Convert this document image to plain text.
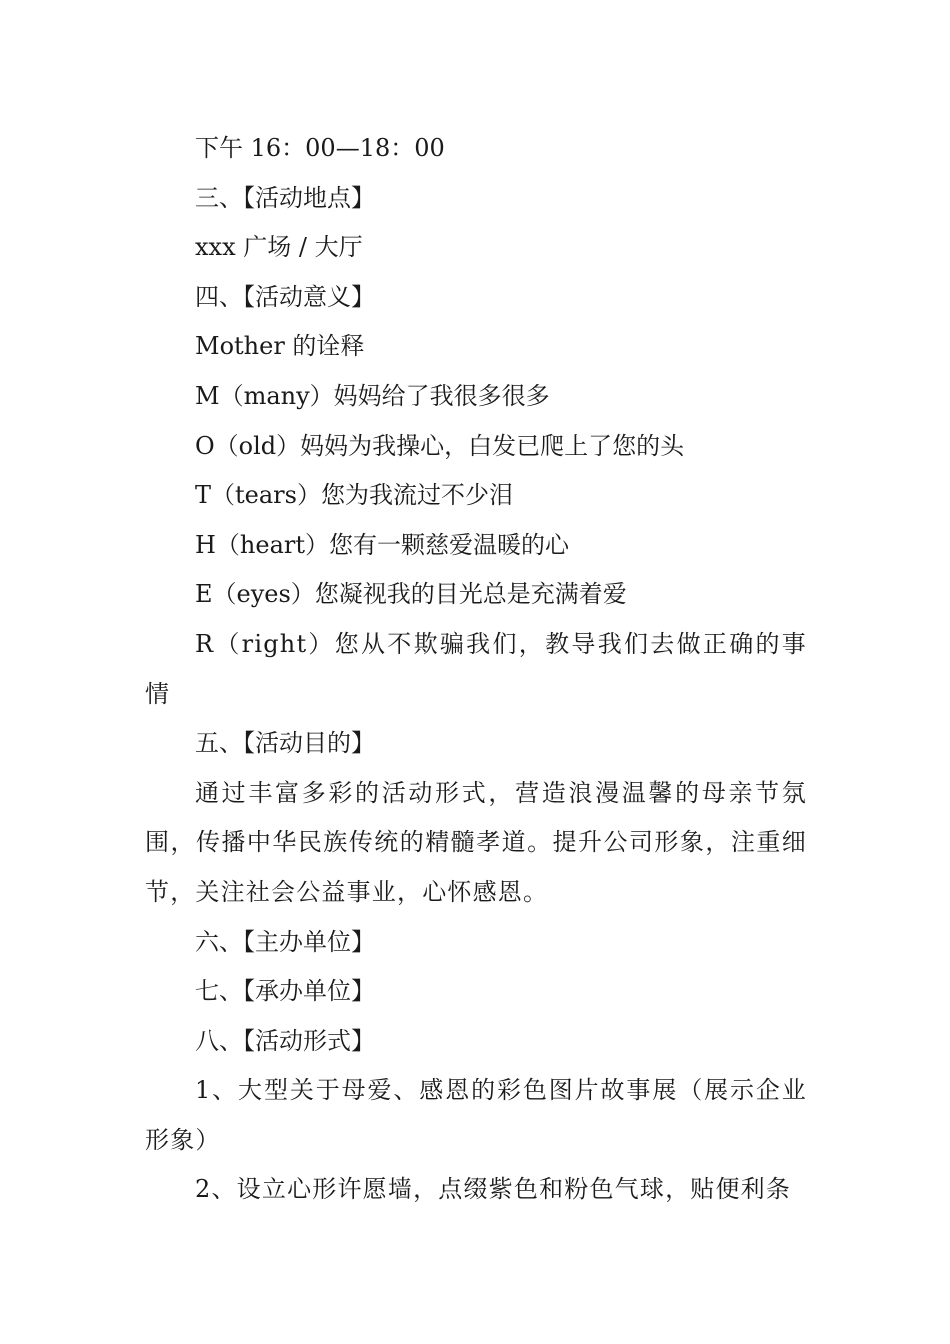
下午 16：00—18：00

三、【活动地点】

xxx 广场 / 大厅

四、【活动意义】

Mother 的诠释

M（many）妈妈给了我很多很多

O（old）妈妈为我操心，白发已爬上了您的头

T（tears）您为我流过不少泪

H（heart）您有一颗慈爱温暖的心

E（eyes）您凝视我的目光总是充满着爱

R（right）您从不欺骗我们，教导我们去做正确的事情

五、【活动目的】

通过丰富多彩的活动形式，营造浪漫温馨的母亲节氛围，传播中华民族传统的精髓孝道。提升公司形象，注重细节，关注社会公益事业，心怀感恩。

六、【主办单位】

七、【承办单位】

八、【活动形式】

1、大型关于母爱、感恩的彩色图片故事展（展示企业形象）

2、设立心形许愿墙，点缀紫色和粉色气球，贴便利条
